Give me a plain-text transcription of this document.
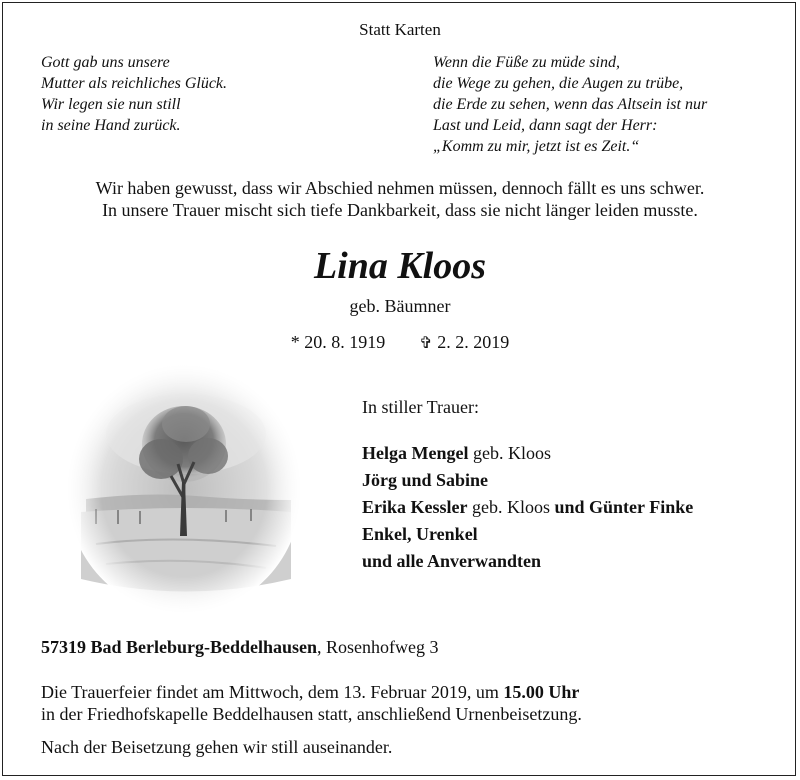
Statt Karten
Gott gab uns unsere
Mutter als reichliches Glück.
Wir legen sie nun still
in seine Hand zurück.
Wenn die Füße zu müde sind,
die Wege zu gehen, die Augen zu trübe,
die Erde zu sehen, wenn das Altsein ist nur
Last und Leid, dann sagt der Herr:
„Komm zu mir, jetzt ist es Zeit.“
Wir haben gewusst, dass wir Abschied nehmen müssen, dennoch fällt es uns schwer.
In unsere Trauer mischt sich tiefe Dankbarkeit, dass sie nicht länger leiden musste.
Lina Kloos
geb. Bäumner
* 20. 8. 1919 ✞ 2. 2. 2019
In stiller Trauer:
Helga Mengel geb. Kloos
Jörg und Sabine
Erika Kessler geb. Kloos und Günter Finke
Enkel, Urenkel
und alle Anverwandten
57319 Bad Berleburg-Beddelhausen, Rosenhofweg 3
Die Trauerfeier findet am Mittwoch, dem 13. Februar 2019, um 15.00 Uhr
in der Friedhofskapelle Beddelhausen statt, anschließend Urnenbeisetzung.
Nach der Beisetzung gehen wir still auseinander.
